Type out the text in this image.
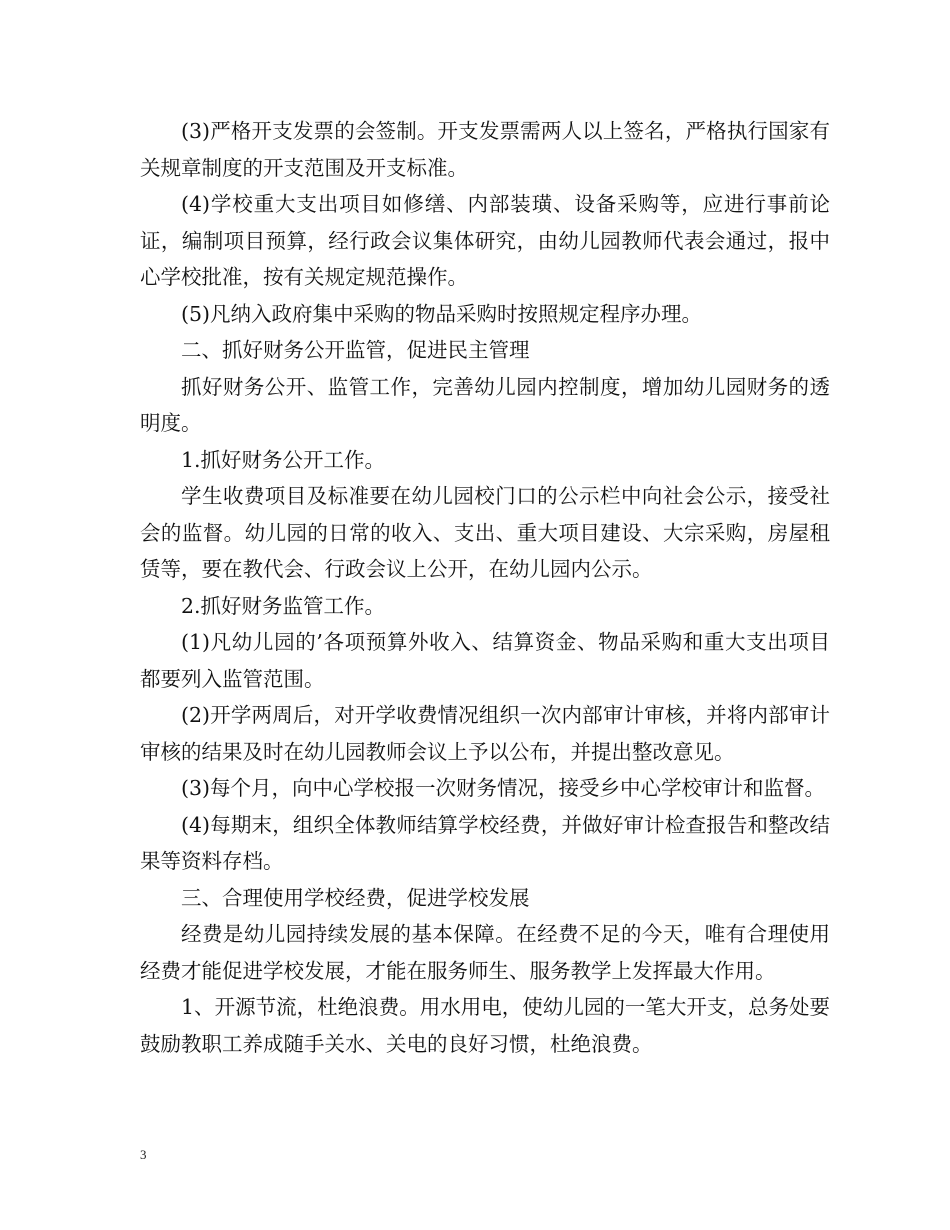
(3)严格开支发票的会签制。开支发票需两人以上签名，严格执行国家有关规章制度的开支范围及开支标准。

(4)学校重大支出项目如修缮、内部装璜、设备采购等，应进行事前论证，编制项目预算，经行政会议集体研究，由幼儿园教师代表会通过，报中心学校批准，按有关规定规范操作。

(5)凡纳入政府集中采购的物品采购时按照规定程序办理。

二、抓好财务公开监管，促进民主管理

抓好财务公开、监管工作，完善幼儿园内控制度，增加幼儿园财务的透明度。

1.抓好财务公开工作。

学生收费项目及标准要在幼儿园校门口的公示栏中向社会公示，接受社会的监督。幼儿园的日常的收入、支出、重大项目建设、大宗采购，房屋租赁等，要在教代会、行政会议上公开，在幼儿园内公示。

2.抓好财务监管工作。

(1)凡幼儿园的’各项预算外收入、结算资金、物品采购和重大支出项目都要列入监管范围。

(2)开学两周后，对开学收费情况组织一次内部审计审核，并将内部审计审核的结果及时在幼儿园教师会议上予以公布，并提出整改意见。

(3)每个月，向中心学校报一次财务情况，接受乡中心学校审计和监督。

(4)每期末，组织全体教师结算学校经费，并做好审计检查报告和整改结果等资料存档。

三、合理使用学校经费，促进学校发展

经费是幼儿园持续发展的基本保障。在经费不足的今天，唯有合理使用经费才能促进学校发展，才能在服务师生、服务教学上发挥最大作用。

1、开源节流，杜绝浪费。用水用电，使幼儿园的一笔大开支，总务处要鼓励教职工养成随手关水、关电的良好习惯，杜绝浪费。

3
